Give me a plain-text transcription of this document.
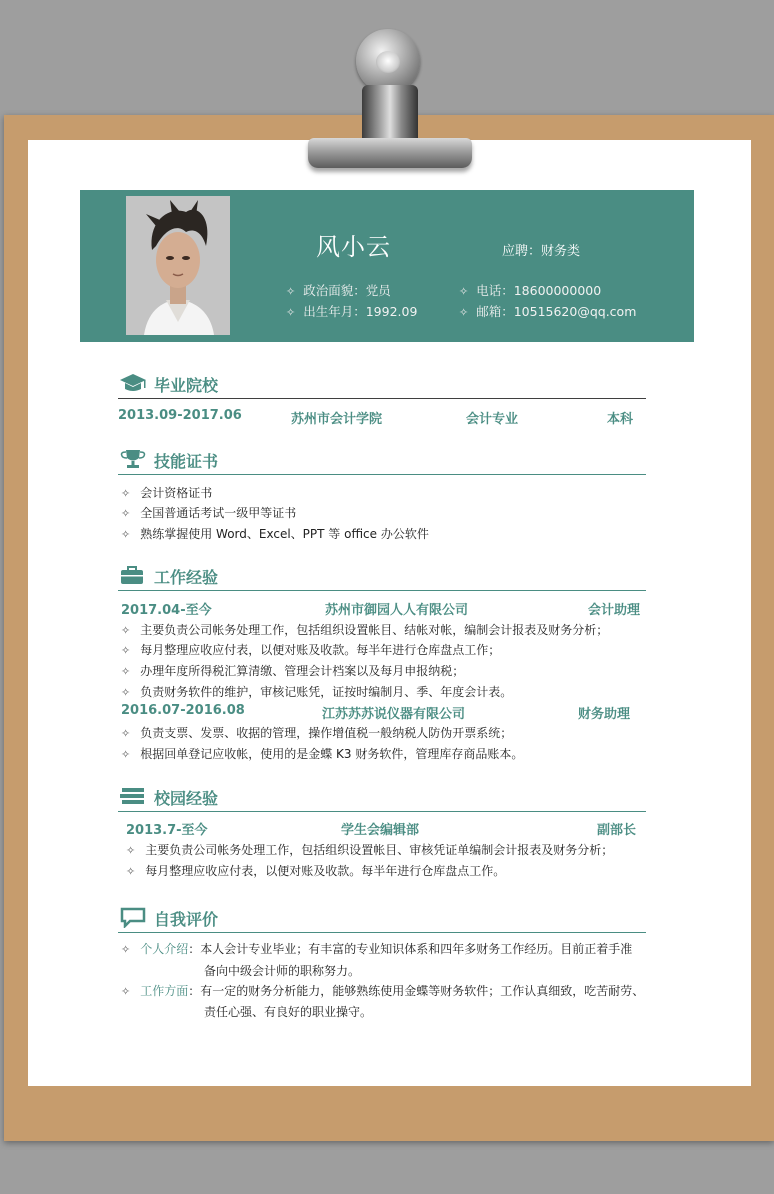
风小云	应聘：财务类
✧ 政治面貌：党员
✧ 出生年月：1992.09
✧ 电话：18600000000
✧ 邮箱：10515620@qq.com
毕业院校
2013.09-2017.06	苏州市会计学院	会计专业	本科
技能证书
✧ 会计资格证书
✧ 全国普通话考试一级甲等证书
✧ 熟练掌握使用 Word、Excel、PPT 等 office 办公软件
工作经验
2017.04-至今	苏州市御园人人有限公司	会计助理
✧ 主要负责公司帐务处理工作，包括组织设置帐目、结帐对帐，编制会计报表及财务分析；
✧ 每月整理应收应付表，以便对账及收款。每半年进行仓库盘点工作；
✧ 办理年度所得税汇算清缴、管理会计档案以及每月申报纳税；
✧ 负责财务软件的维护，审核记账凭，证按时编制月、季、年度会计表。
2016.07-2016.08	江苏苏苏说仪器有限公司	财务助理
✧ 负责支票、发票、收据的管理，操作增值税一般纳税人防伪开票系统；
✧ 根据回单登记应收帐，使用的是金蝶 K3 财务软件，管理库存商品账本。
校园经验
2013.7-至今	学生会编辑部	副部长
✧ 主要负责公司帐务处理工作，包括组织设置帐目、审核凭证单编制会计报表及财务分析；
✧ 每月整理应收应付表，以便对账及收款。每半年进行仓库盘点工作。
自我评价
✧ 个人介绍：本人会计专业毕业；有丰富的专业知识体系和四年多财务工作经历。目前正着手准
备向中级会计师的职称努力。
✧ 工作方面：有一定的财务分析能力，能够熟练使用金蝶等财务软件；工作认真细致，吃苦耐劳、
责任心强、有良好的职业操守。
